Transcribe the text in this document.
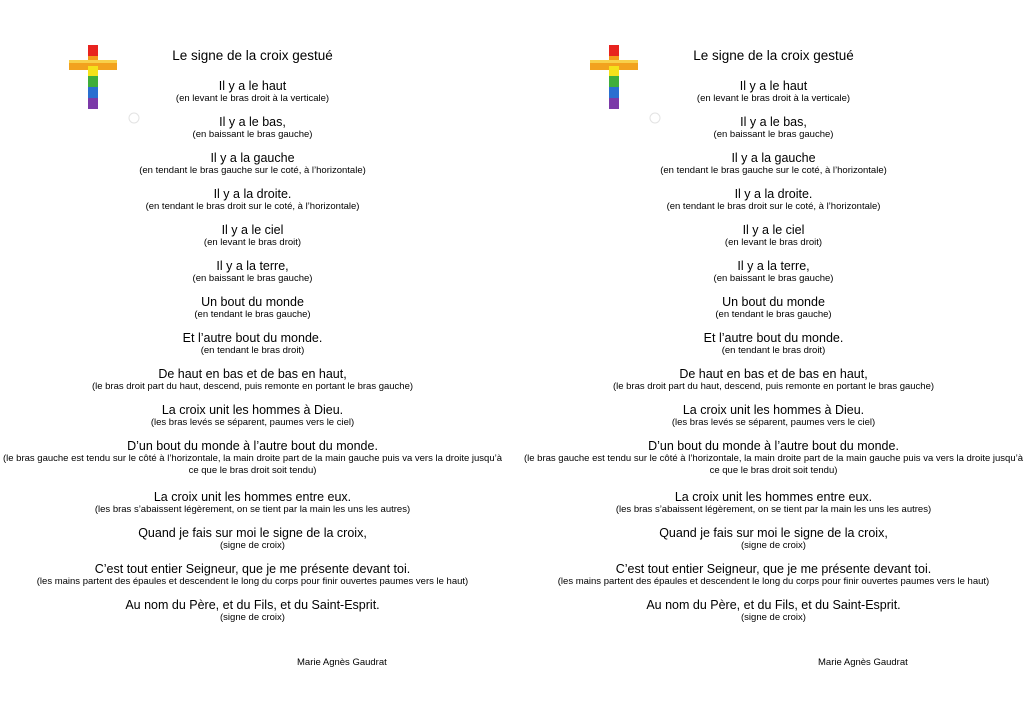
Le signe de la croix gestué
Il y a le haut
(en levant le bras droit à la verticale)
Il y a le bas,
(en baissant le bras gauche)
Il y a la gauche
(en tendant le bras gauche sur le coté, à l’horizontale)
Il y a la droite.
(en tendant le bras droit sur le coté, à l’horizontale)
Il y a le ciel
(en levant le bras droit)
Il y a la terre,
(en baissant le bras gauche)
Un bout du monde
(en tendant le bras gauche)
Et l’autre bout du monde.
(en tendant le bras droit)
De haut en bas et de bas en haut,
(le bras droit part du haut, descend, puis remonte en portant le bras gauche)
La croix unit les hommes à Dieu.
(les bras levés se séparent, paumes vers le ciel)
D’un bout du monde à l’autre bout du monde.
(le bras gauche est tendu sur le côté à l’horizontale, la main droite part de la main gauche puis va vers la droite jusqu’à ce que le bras droit soit tendu)
La croix unit les hommes entre eux.
(les bras s’abaissent légèrement, on se tient par la main les uns les autres)
Quand je fais sur moi le signe de la croix,
(signe de croix)
C’est tout entier Seigneur, que je me présente devant toi.
(les mains partent des épaules et descendent le long du corps pour finir ouvertes paumes vers le haut)
Au nom du Père, et du Fils, et du Saint-Esprit.
(signe de croix)
Marie Agnès Gaudrat
Le signe de la croix gestué
Il y a le haut
(en levant le bras droit à la verticale)
Il y a le bas,
(en baissant le bras gauche)
Il y a la gauche
(en tendant le bras gauche sur le coté, à l’horizontale)
Il y a la droite.
(en tendant le bras droit sur le coté, à l’horizontale)
Il y a le ciel
(en levant le bras droit)
Il y a la terre,
(en baissant le bras gauche)
Un bout du monde
(en tendant le bras gauche)
Et l’autre bout du monde.
(en tendant le bras droit)
De haut en bas et de bas en haut,
(le bras droit part du haut, descend, puis remonte en portant le bras gauche)
La croix unit les hommes à Dieu.
(les bras levés se séparent, paumes vers le ciel)
D’un bout du monde à l’autre bout du monde.
(le bras gauche est tendu sur le côté à l’horizontale, la main droite part de la main gauche puis va vers la droite jusqu’à ce que le bras droit soit tendu)
La croix unit les hommes entre eux.
(les bras s’abaissent légèrement, on se tient par la main les uns les autres)
Quand je fais sur moi le signe de la croix,
(signe de croix)
C’est tout entier Seigneur, que je me présente devant toi.
(les mains partent des épaules et descendent le long du corps pour finir ouvertes paumes vers le haut)
Au nom du Père, et du Fils, et du Saint-Esprit.
(signe de croix)
Marie Agnès Gaudrat
